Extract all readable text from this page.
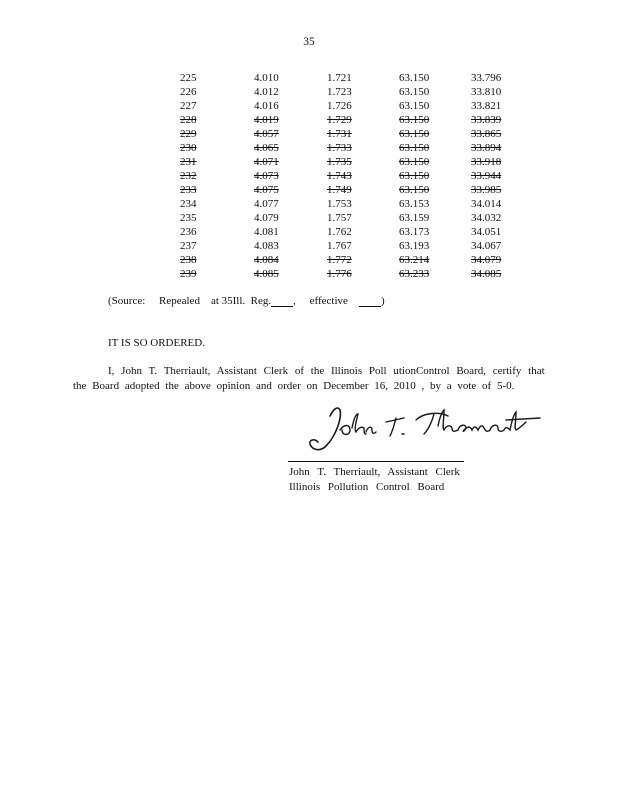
35
225	4.010	1.721	63.150	33.796
226	4.012	1.723	63.150	33.810
227	4.016	1.726	63.150	33.821
228	4.019	1.729	63.150	33.839
229	4.057	1.731	63.150	33.865
230	4.065	1.733	63.150	33.894
231	4.071	1.735	63.150	33.918
232	4.073	1.743	63.150	33.944
233	4.075	1.749	63.150	33.985
234	4.077	1.753	63.153	34.014
235	4.079	1.757	63.159	34.032
236	4.081	1.762	63.173	34.051
237	4.083	1.767	63.193	34.067
238	4.084	1.772	63.214	34.079
239	4.085	1.776	63.233	34.085
(Source: Repealed at 35Ill. Reg. ,     effective	)
IT IS SO ORDERED.
I, John T. Therriault, Assistant Clerk of the Illinois Poll utionControl Board, certify that
the Board adopted the above opinion and order on December 16, 2010 , by a vote of 5-0.
John T. Therriault, Assistant Clerk
Illinois Pollution Control Board
